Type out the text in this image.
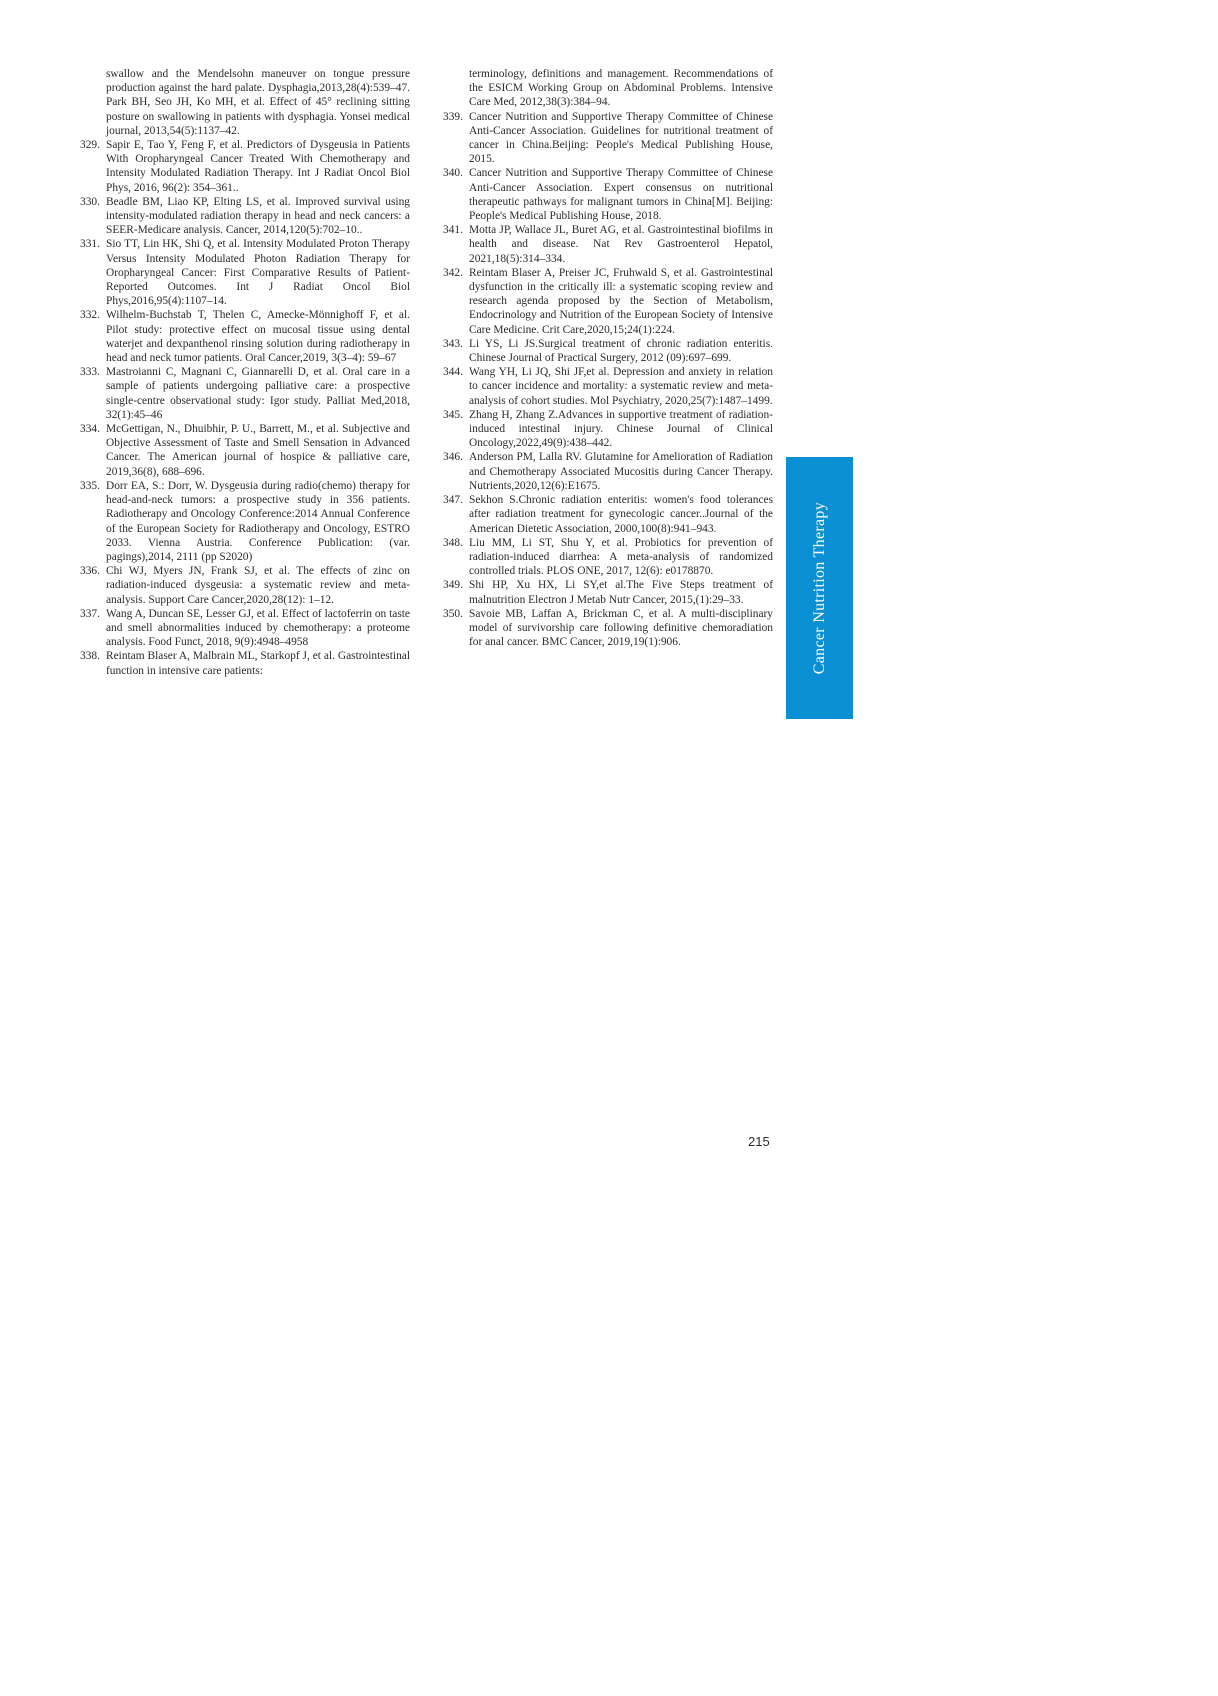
swallow and the Mendelsohn maneuver on tongue pressure production against the hard palate. Dysphagia,2013,28(4):539–47. Park BH, Seo JH, Ko MH, et al. Effect of 45° reclining sitting posture on swallowing in patients with dysphagia. Yonsei medical journal, 2013,54(5):1137–42.
329. Sapir E, Tao Y, Feng F, et al. Predictors of Dysgeusia in Patients With Oropharyngeal Cancer Treated With Chemotherapy and Intensity Modulated Radiation Therapy. Int J Radiat Oncol Biol Phys, 2016, 96(2): 354–361..
330. Beadle BM, Liao KP, Elting LS, et al. Improved survival using intensity-modulated radiation therapy in head and neck cancers: a SEER-Medicare analysis. Cancer, 2014,120(5):702–10..
331. Sio TT, Lin HK, Shi Q, et al. Intensity Modulated Proton Therapy Versus Intensity Modulated Photon Radiation Therapy for Oropharyngeal Cancer: First Comparative Results of Patient-Reported Outcomes. Int J Radiat Oncol Biol Phys,2016,95(4):1107–14.
332. Wilhelm-Buchstab T, Thelen C, Amecke-Mönnighoff F, et al. Pilot study: protective effect on mucosal tissue using dental waterjet and dexpanthenol rinsing solution during radiotherapy in head and neck tumor patients. Oral Cancer,2019, 3(3–4): 59–67
333. Mastroianni C, Magnani C, Giannarelli D, et al. Oral care in a sample of patients undergoing palliative care: a prospective single-centre observational study: Igor study. Palliat Med,2018, 32(1):45–46
334. McGettigan, N., Dhuibhir, P. U., Barrett, M., et al. Subjective and Objective Assessment of Taste and Smell Sensation in Advanced Cancer. The American journal of hospice & palliative care, 2019,36(8), 688–696.
335. Dorr EA, S.: Dorr, W. Dysgeusia during radio(chemo) therapy for head-and-neck tumors: a prospective study in 356 patients. Radiotherapy and Oncology Conference:2014 Annual Conference of the European Society for Radiotherapy and Oncology, ESTRO 2033. Vienna Austria. Conference Publication: (var. pagings),2014, 2111 (pp S2020)
336. Chi WJ, Myers JN, Frank SJ, et al. The effects of zinc on radiation-induced dysgeusia: a systematic review and meta-analysis. Support Care Cancer,2020,28(12): 1–12.
337. Wang A, Duncan SE, Lesser GJ, et al. Effect of lactoferrin on taste and smell abnormalities induced by chemotherapy: a proteome analysis. Food Funct, 2018, 9(9):4948–4958
338. Reintam Blaser A, Malbrain ML, Starkopf J, et al. Gastrointestinal function in intensive care patients:
terminology, definitions and management. Recommendations of the ESICM Working Group on Abdominal Problems. Intensive Care Med, 2012,38(3):384–94.
339. Cancer Nutrition and Supportive Therapy Committee of Chinese Anti-Cancer Association. Guidelines for nutritional treatment of cancer in China.Beijing: People's Medical Publishing House, 2015.
340. Cancer Nutrition and Supportive Therapy Committee of Chinese Anti-Cancer Association. Expert consensus on nutritional therapeutic pathways for malignant tumors in China[M]. Beijing: People's Medical Publishing House, 2018.
341. Motta JP, Wallace JL, Buret AG, et al. Gastrointestinal biofilms in health and disease. Nat Rev Gastroenterol Hepatol, 2021,18(5):314–334.
342. Reintam Blaser A, Preiser JC, Fruhwald S, et al. Gastrointestinal dysfunction in the critically ill: a systematic scoping review and research agenda proposed by the Section of Metabolism, Endocrinology and Nutrition of the European Society of Intensive Care Medicine. Crit Care,2020,15;24(1):224.
343. Li YS, Li JS.Surgical treatment of chronic radiation enteritis. Chinese Journal of Practical Surgery, 2012 (09):697–699.
344. Wang YH, Li JQ, Shi JF,et al. Depression and anxiety in relation to cancer incidence and mortality: a systematic review and meta-analysis of cohort studies. Mol Psychiatry, 2020,25(7):1487–1499.
345. Zhang H, Zhang Z.Advances in supportive treatment of radiation-induced intestinal injury. Chinese Journal of Clinical Oncology,2022,49(9):438–442.
346. Anderson PM, Lalla RV. Glutamine for Amelioration of Radiation and Chemotherapy Associated Mucositis during Cancer Therapy. Nutrients,2020,12(6):E1675.
347. Sekhon S.Chronic radiation enteritis: women's food tolerances after radiation treatment for gynecologic cancer..Journal of the American Dietetic Association, 2000,100(8):941–943.
348. Liu MM, Li ST, Shu Y, et al. Probiotics for prevention of radiation-induced diarrhea: A meta-analysis of randomized controlled trials. PLOS ONE, 2017, 12(6): e0178870.
349. Shi HP, Xu HX, Li SY,et al.The Five Steps treatment of malnutrition Electron J Metab Nutr Cancer, 2015,(1):29–33.
350. Savoie MB, Laffan A, Brickman C, et al. A multi-disciplinary model of survivorship care following definitive chemoradiation for anal cancer. BMC Cancer, 2019,19(1):906.	Cancer Nutrition Therapy
215
